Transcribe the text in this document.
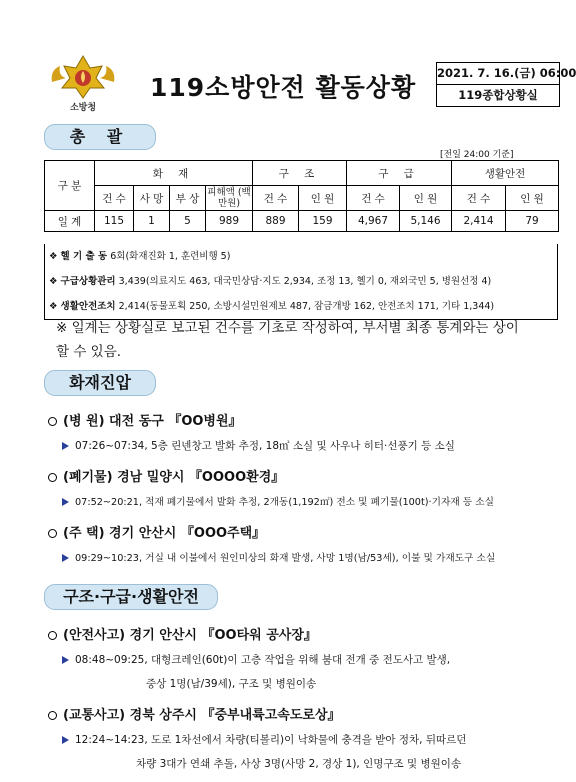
소방청
119소방안전 활동상황 2021. 7. 16.(금) 06:00
119종합상황실
총 괄
[전일 24:00 기준]
구 분	화 재				구 조		구 급		생활안전	
	건 수	사 망	부 상	피해액 (백만원)	건 수	인 원	건 수	인 원	건 수	인 원
일 계	115	1	5	989	889	159	4,967	5,146	2,414	79
❖ 헬 기 출 동 6회(화재진화 1, 훈련비행 5)
❖ 구급상황관리 3,439(의료지도 463, 대국민상담·지도 2,934, 조정 13, 헬기 0, 재외국민 5, 병원선정 4)
❖ 생활안전조치 2,414(동물포획 250, 소방시설민원제보 487, 잠금개방 162, 안전조치 171, 기타 1,344)
※ 일계는 상황실로 보고된 건수를 기초로 작성하여, 부서별 최종 통계와는 상이할 수 있음.
화재진압
(병 원) 대전 동구 『OO병원』
07:26~07:34, 5층 린넨창고 발화 추정, 18㎡ 소실 및 사우나 히터·선풍기 등 소실
(폐기물) 경남 밀양시 『OOOO환경』
07:52~20:21, 적재 폐기물에서 발화 추정, 2개동(1,192㎡) 전소 및 폐기물(100t)·기자재 등 소실
(주 택) 경기 안산시 『OOO주택』
09:29~10:23, 거실 내 이불에서 원인미상의 화재 발생, 사망 1명(남/53세), 이불 및 가재도구 소실
구조·구급·생활안전
(안전사고) 경기 안산시 『OO타워 공사장』
08:48~09:25, 대형크레인(60t)이 고층 작업을 위해 붐대 전개 중 전도사고 발생,
중상 1명(남/39세), 구조 및 병원이송
(교통사고) 경북 상주시 『중부내륙고속도로상』
12:24~14:23, 도로 1차선에서 차량(티볼리)이 낙화물에 충격을 받아 정차, 뒤따르던
차량 3대가 연쇄 추돌, 사상 3명(사망 2, 경상 1), 인명구조 및 병원이송
